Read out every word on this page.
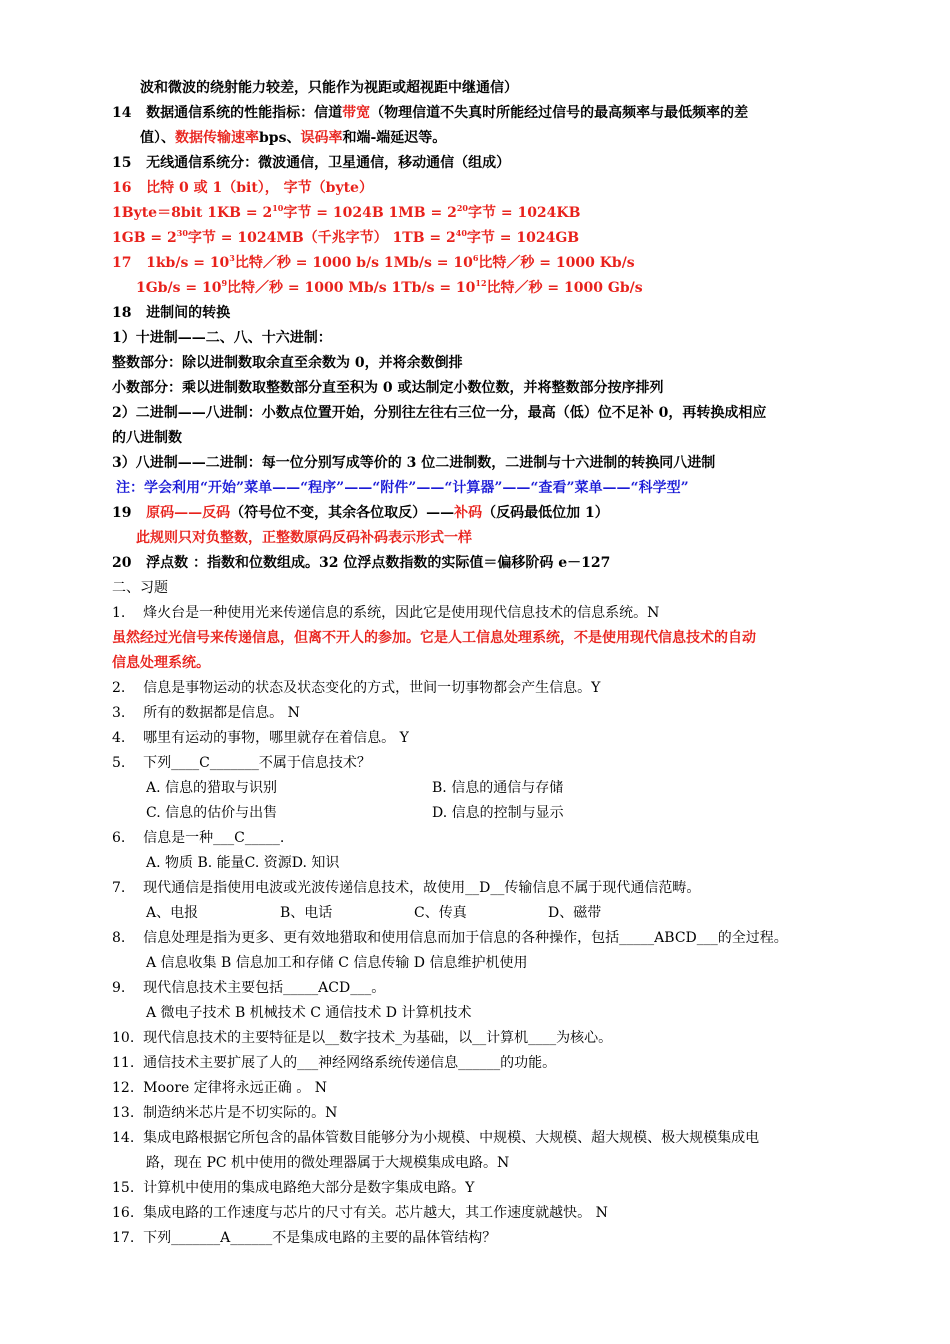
波和微波的绕射能力较差，只能作为视距或超视距中继通信）
14 数据通信系统的性能指标：信道带宽（物理信道不失真时所能经过信号的最高频率与最低频率的差
值）、数据传输速率bps、误码率和端-端延迟等。
15 无线通信系统分：微波通信，卫星通信，移动通信（组成）
16 比特 0 或 1（bit）， 字节（byte）
1Byte＝8bit $1KB = 2^{10}$字节 = 1024B $1MB = 2^{20}$字节 = 1024KB
$1GB = 2^{30}$字节 = 1024MB（千兆字节） $1TB = 2^{40}$字节 = 1024GB
17 $1kb/s = 10^3$比特／秒 = 1000 b/s $1Mb/s = 10^6$比特／秒 = 1000 Kb/s
$1Gb/s = 10^9$比特／秒 = 1000 Mb/s $1Tb/s = 10^{12}$比特／秒 = 1000 Gb/s
18 进制间的转换
1）十进制——二、八、十六进制：
整数部分：除以进制数取余直至余数为 0，并将余数倒排
小数部分：乘以进制数取整数部分直至积为 0 或达制定小数位数，并将整数部分按序排列
2）二进制——八进制：小数点位置开始，分别往左往右三位一分，最高（低）位不足补 0，再转换成相应
的八进制数
3）八进制——二进制：每一位分别写成等价的 3 位二进制数，二进制与十六进制的转换同八进制
注：学会利用“开始”菜单——“程序”——“附件”——“计算器”——“查看”菜单——“科学型”
19 原码——反码（符号位不变，其余各位取反）——补码（反码最低位加 1）
此规则只对负整数，正整数原码反码补码表示形式一样
20 浮点数 ：指数和位数组成。32 位浮点数指数的实际值＝偏移阶码 e－127
二、习题
1. 烽火台是一种使用光来传递信息的系统，因此它是使用现代信息技术的信息系统。N
虽然经过光信号来传递信息，但离不开人的参加。它是人工信息处理系统，不是使用现代信息技术的自动
信息处理系统。
2. 信息是事物运动的状态及状态变化的方式，世间一切事物都会产生信息。Y
3. 所有的数据都是信息。 N
4. 哪里有运动的事物，哪里就存在着信息。 Y
5. 下列____C_______不属于信息技术？
A. 信息的猎取与识别	B. 信息的通信与存储
C. 信息的估价与出售	D. 信息的控制与显示
6. 信息是一种___C_____.
A. 物质 B. 能量C. 资源D. 知识
7. 现代通信是指使用电波或光波传递信息技术，故使用__D__传输信息不属于现代通信范畴。
A、电报	B、电话	C、传真	D、磁带
8. 信息处理是指为更多、更有效地猎取和使用信息而加于信息的各种操作，包括_____ABCD___的全过程。
A 信息收集 B 信息加工和存储 C 信息传输 D 信息维护机使用
9. 现代信息技术主要包括_____ACD___。
A 微电子技术 B 机械技术 C 通信技术 D 计算机技术
10. 现代信息技术的主要特征是以__数字技术_为基础，以__计算机____为核心。
11. 通信技术主要扩展了人的___神经网络系统传递信息______的功能。
12. Moore 定律将永远正确 。 N
13. 制造纳米芯片是不切实际的。N
14. 集成电路根据它所包含的晶体管数目能够分为小规模、中规模、大规模、超大规模、极大规模集成电
路，现在 PC 机中使用的微处理器属于大规模集成电路。N
15. 计算机中使用的集成电路绝大部分是数字集成电路。Y
16. 集成电路的工作速度与芯片的尺寸有关。芯片越大，其工作速度就越快。 N
17. 下列_______A______不是集成电路的主要的晶体管结构？
